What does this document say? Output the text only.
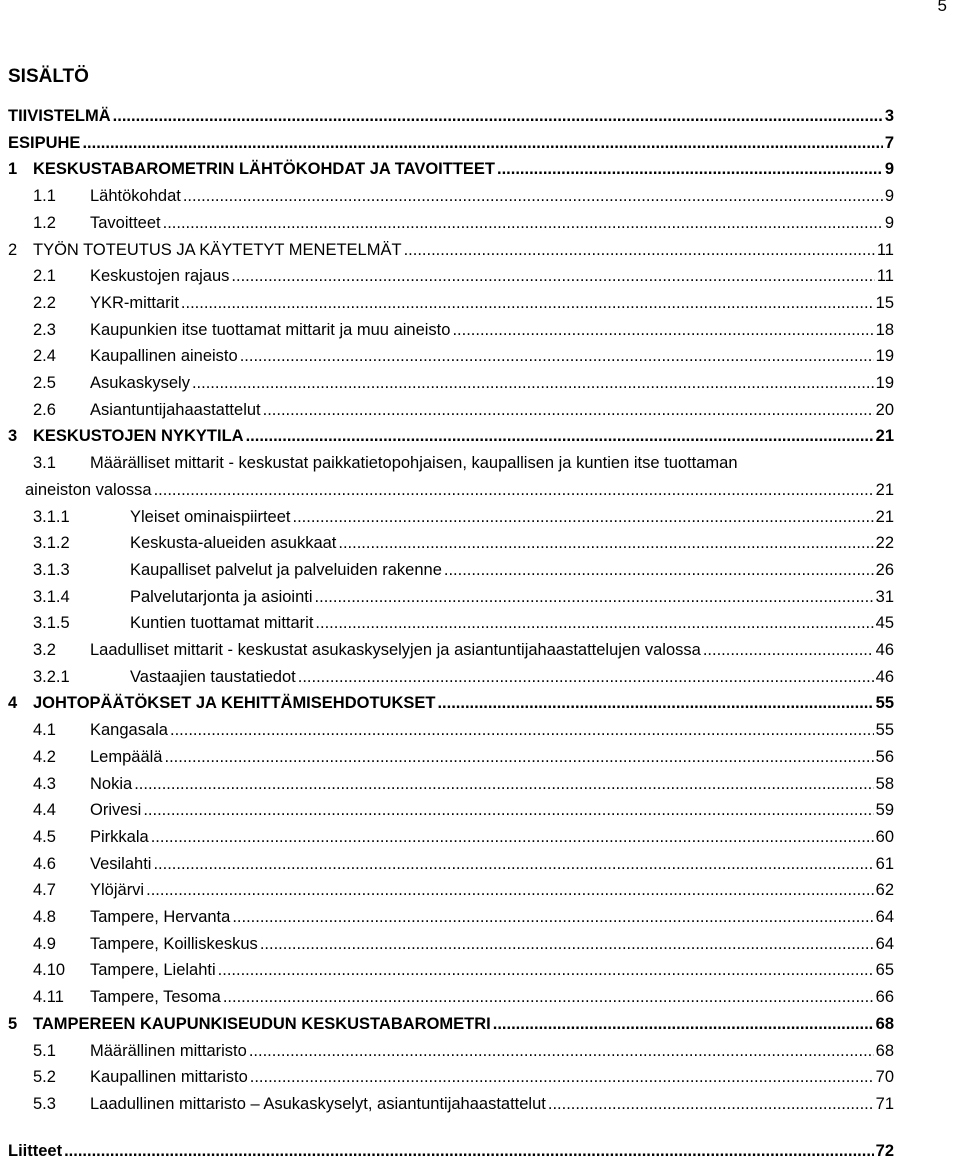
5
SISÄLTÖ
TIIVISTELMÄ .....	3
ESIPUHE .....	7
1 KESKUSTABAROMETRIN LÄHTÖKOHDAT JA TAVOITTEET .....	9
1.1 Lähtökohdat .....	9
1.2 Tavoitteet .....	9
2 TYÖN TOTEUTUS JA KÄYTETYT MENETELMÄT .....	11
2.1 Keskustojen rajaus .....	11
2.2 YKR-mittarit .....	15
2.3 Kaupunkien itse tuottamat mittarit ja muu aineisto .....	18
2.4 Kaupallinen aineisto .....	19
2.5 Asukaskysely .....	19
2.6 Asiantuntijahaastattelut .....	20
3 KESKUSTOJEN NYKYTILA .....	21
3.1 Määrälliset mittarit - keskustat paikkatietopohjaisen, kaupallisen ja kuntien itse tuottaman
aineiston valossa .....	21
3.1.1	Yleiset ominaispiirteet .....	21
3.1.2	Keskusta-alueiden asukkaat .....	22
3.1.3	Kaupalliset palvelut ja palveluiden rakenne .....	26
3.1.4	Palvelutarjonta ja asiointi .....	31
3.1.5	Kuntien tuottamat mittarit .....	45
3.2 Laadulliset mittarit - keskustat asukaskyselyjen ja asiantuntijahaastattelujen valossa .....	46
3.2.1	Vastaajien taustatiedot .....	46
4 JOHTOPÄÄTÖKSET JA KEHITTÄMISEHDOTUKSET .....	55
4.1 Kangasala .....	55
4.2 Lempäälä .....	56
4.3 Nokia .....	58
4.4 Orivesi .....	59
4.5 Pirkkala .....	60
4.6 Vesilahti .....	61
4.7 Ylöjärvi .....	62
4.8 Tampere, Hervanta .....	64
4.9 Tampere, Koilliskeskus .....	64
4.10 Tampere, Lielahti .....	65
4.11 Tampere, Tesoma .....	66
5 TAMPEREEN KAUPUNKISEUDUN KESKUSTABAROMETRI .....	68
5.1 Määrällinen mittaristo .....	68
5.2 Kaupallinen mittaristo .....	70
5.3 Laadullinen mittaristo – Asukaskyselyt, asiantuntijahaastattelut .....	71
Liitteet .....	72
